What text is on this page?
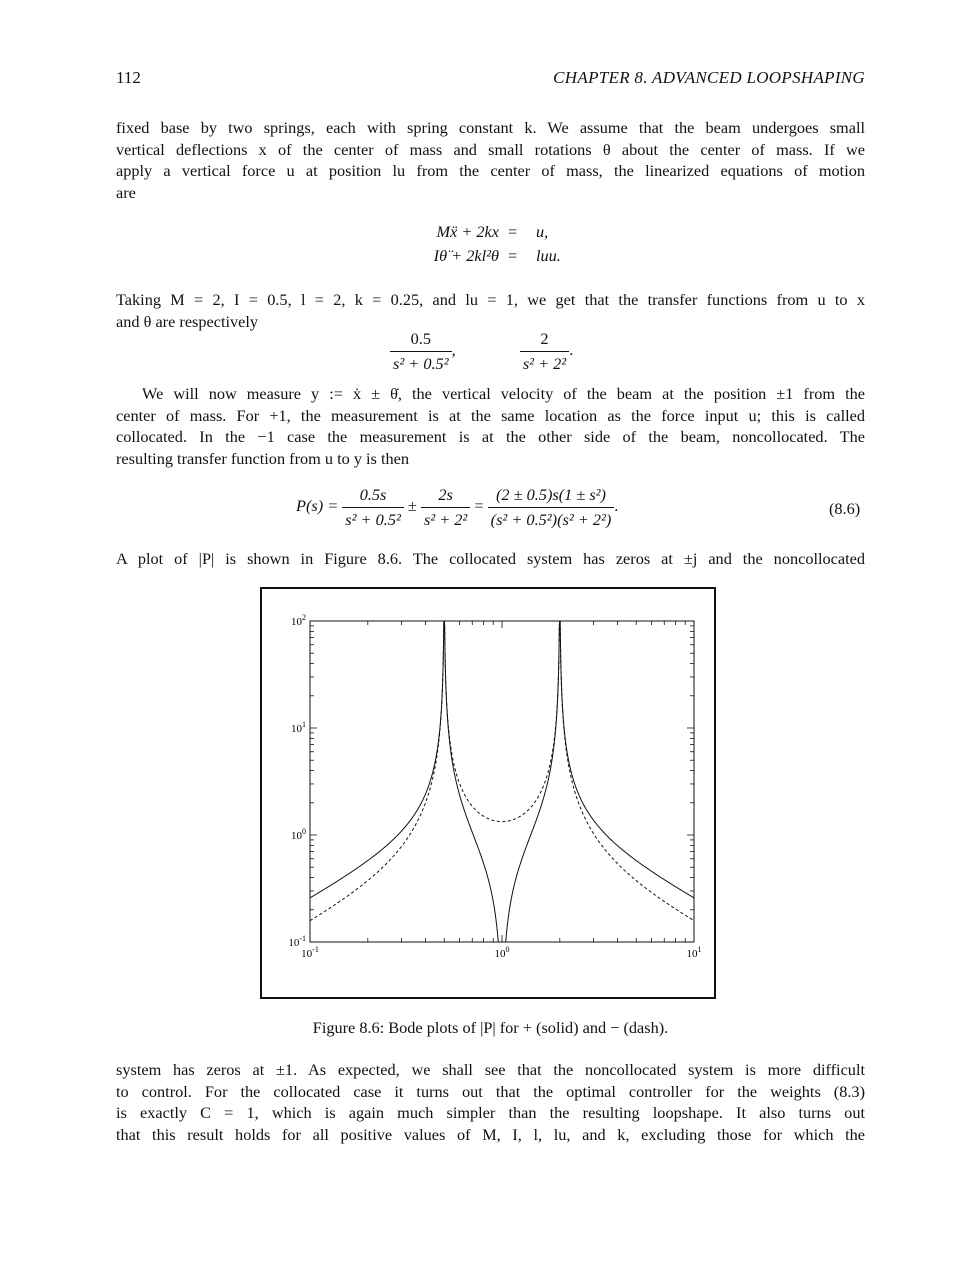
112	CHAPTER 8. ADVANCED LOOPSHAPING
fixed base by two springs, each with spring constant k. We assume that the beam undergoes small
vertical deflections x of the center of mass and small rotations θ about the center of mass. If we
apply a vertical force u at position lu from the center of mass, the linearized equations of motion
are
Mẍ + 2kx = u,
Iθ̈ + 2kl²θ = luu.
Taking M = 2, I = 0.5, l = 2, k = 0.25, and lu = 1, we get that the transfer functions from u to x
and θ are respectively
$\frac{0.5}{\text{s² + 0.5²}}$ ,	$\frac{2}{\text{s² + 2²}}$ .
We will now measure y := ẋ ± θ̇, the vertical velocity of the beam at the position ±1 from the
center of mass. For +1, the measurement is at the same location as the force input u; this is called
collocated. In the −1 case the measurement is at the other side of the beam, noncollocated. The
resulting transfer function from u to y is then
$P(s) = \frac{0.5s}{\text{s² + 0.5²}} \pm \frac{2s}{\text{s² + 2²}} = \frac{\text{(2 ± 0.5)s(1 ± s²)}}{\text{(s² + 0.5²)(s² + 2²)}}$ .	(8.6)
A plot of |P| is shown in Figure 8.6. The collocated system has zeros at ±j and the noncollocated
$10^{-1}$
$10^0$
$10^1$
$10^2$
$10^{-1}$	$10^0$	$10^1$
Figure 8.6: Bode plots of |P| for + (solid) and − (dash).
system has zeros at ±1. As expected, we shall see that the noncollocated system is more difficult
to control. For the collocated case it turns out that the optimal controller for the weights (8.3)
is exactly C = 1, which is again much simpler than the resulting loopshape. It also turns out
that this result holds for all positive values of M, I, l, lu, and k, excluding those for which the
